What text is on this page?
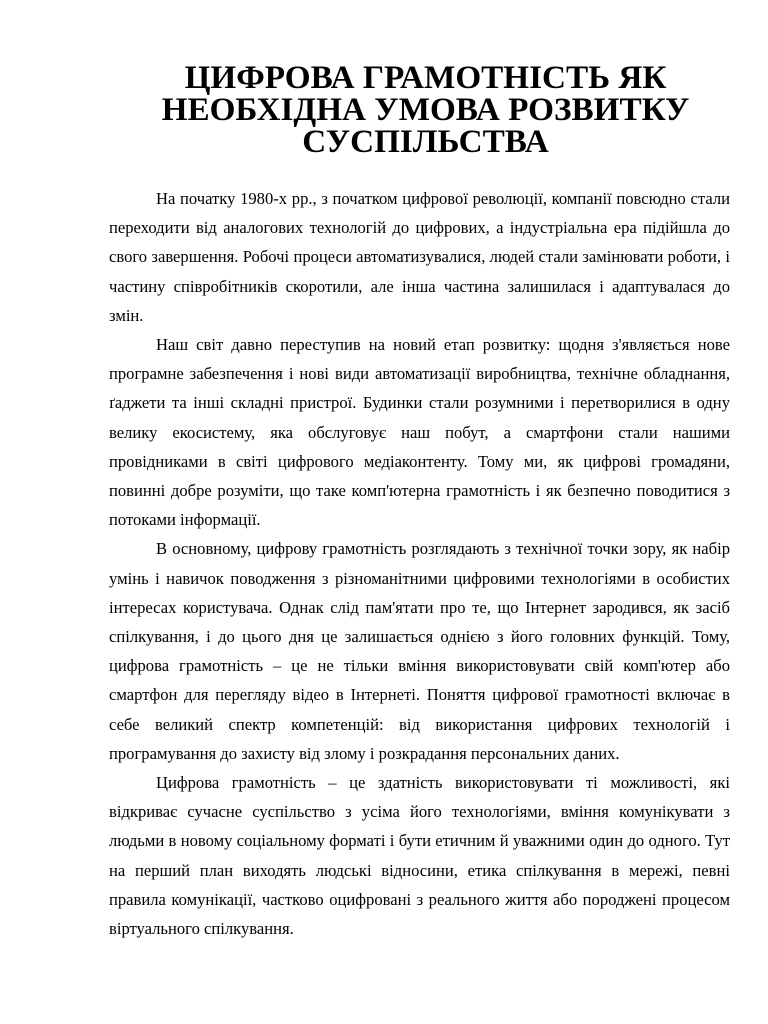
ЦИФРОВА ГРАМОТНІСТЬ ЯК НЕОБХІДНА УМОВА РОЗВИТКУ
СУСПІЛЬСТВА

На початку 1980-х рр., з початком цифрової революції, компанії повсюдно стали переходити від аналогових технологій до цифрових, а індустріальна ера підійшла до свого завершення. Робочі процеси автоматизувалися, людей стали замінювати роботи, і частину співробітників скоротили, але інша частина залишилася і адаптувалася до змін.

Наш світ давно переступив на новий етап розвитку: щодня з'являється нове програмне забезпечення і нові види автоматизації виробництва, технічне обладнання, ґаджети та інші складні пристрої. Будинки стали розумними і перетворилися в одну велику екосистему, яка обслуговує наш побут, а смартфони стали нашими провідниками в світі цифрового медіаконтенту. Тому ми, як цифрові громадяни, повинні добре розуміти, що таке комп'ютерна грамотність і як безпечно поводитися з потоками інформації.

В основному, цифрову грамотність розглядають з технічної точки зору, як набір умінь і навичок поводження з різноманітними цифровими технологіями в особистих інтересах користувача. Однак слід пам'ятати про те, що Інтернет зародився, як засіб спілкування, і до цього дня це залишається однією з його головних функцій. Тому, цифрова грамотність – це не тільки вміння використовувати свій комп'ютер або смартфон для перегляду відео в Інтернеті. Поняття цифрової грамотності включає в себе великий спектр компетенцій: від використання цифрових технологій і програмування до захисту від злому і розкрадання персональних даних.

Цифрова грамотність – це здатність використовувати ті можливості, які відкриває сучасне суспільство з усіма його технологіями, вміння комунікувати з людьми в новому соціальному форматі і бути етичним й уважними один до одного. Тут на перший план виходять людські відносини, етика спілкування в мережі, певні правила комунікації, частково оцифровані з реального життя або породжені процесом віртуального спілкування.
